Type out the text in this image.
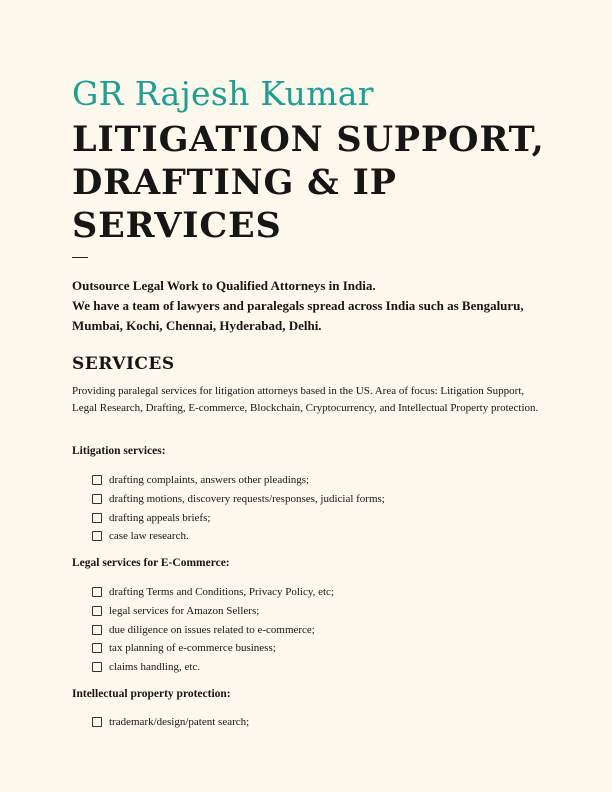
GR Rajesh Kumar
LITIGATION SUPPORT, DRAFTING & IP SERVICES

Outsource Legal Work to Qualified Attorneys in India.
We have a team of lawyers and paralegals spread across India such as Bengaluru,
Mumbai, Kochi, Chennai, Hyderabad, Delhi.

SERVICES

Providing paralegal services for litigation attorneys based in the US. Area of focus: Litigation Support, Legal Research, Drafting, E-commerce, Blockchain, Cryptocurrency, and Intellectual Property protection.

Litigation services:

drafting complaints, answers other pleadings;
drafting motions, discovery requests/responses, judicial forms;
drafting appeals briefs;
case law research.

Legal services for E-Commerce:

drafting Terms and Conditions, Privacy Policy, etc;
legal services for Amazon Sellers;
due diligence on issues related to e-commerce;
tax planning of e-commerce business;
claims handling, etc.

Intellectual property protection:

trademark/design/patent search;
